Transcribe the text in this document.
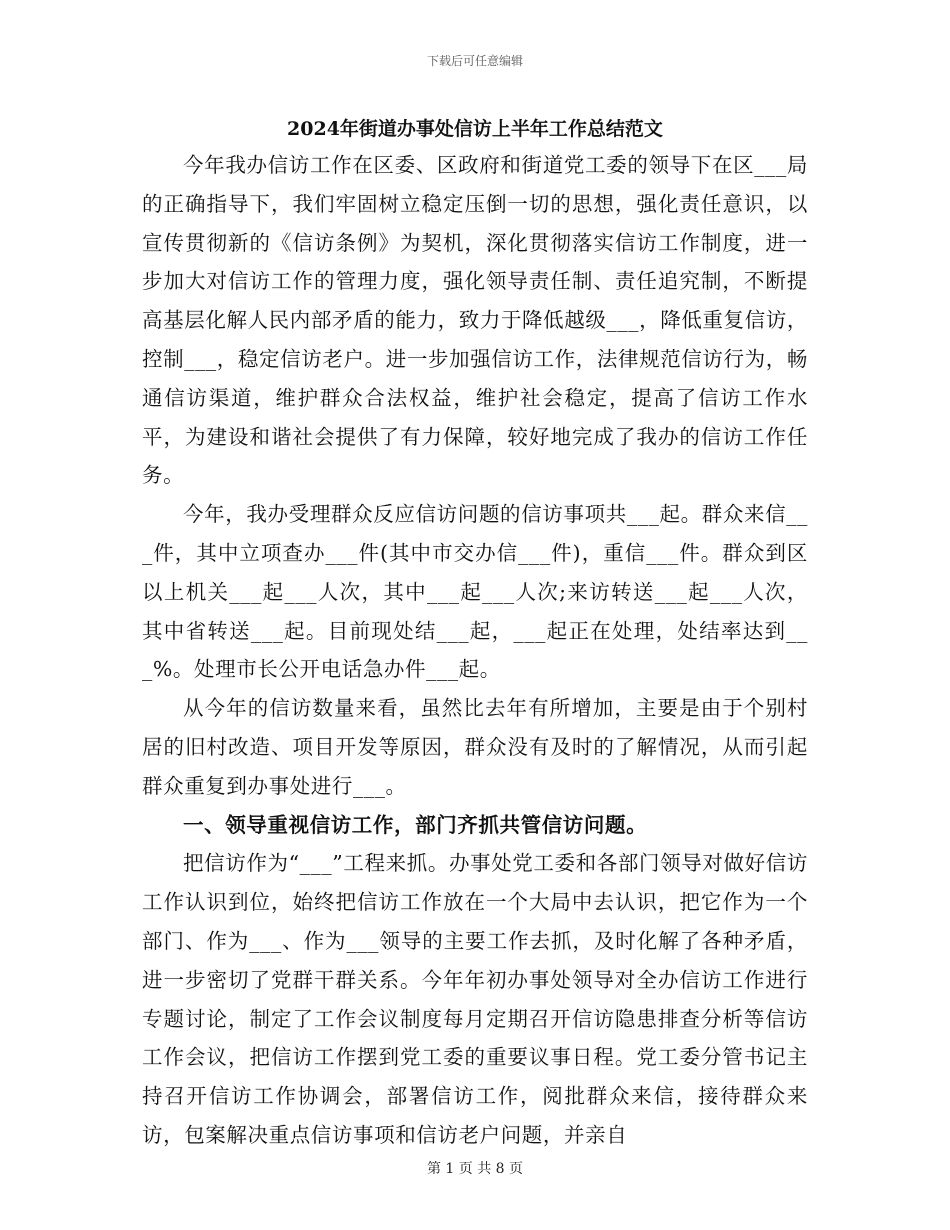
下载后可任意编辑
2024年街道办事处信访上半年工作总结范文

今年我办信访工作在区委、区政府和街道党工委的领导下在区___局的正确指导下，我们牢固树立稳定压倒一切的思想，强化责任意识，以宣传贯彻新的《信访条例》为契机，深化贯彻落实信访工作制度，进一步加大对信访工作的管理力度，强化领导责任制、责任追究制，不断提高基层化解人民内部矛盾的能力，致力于降低越级___，降低重复信访，控制___，稳定信访老户。进一步加强信访工作，法律规范信访行为，畅通信访渠道，维护群众合法权益，维护社会稳定，提高了信访工作水平，为建设和谐社会提供了有力保障，较好地完成了我办的信访工作任务。

今年，我办受理群众反应信访问题的信访事项共___起。群众来信___件，其中立项查办___件(其中市交办信___件)，重信___件。群众到区以上机关___起___人次，其中___起___人次;来访转送___起___人次，其中省转送___起。目前现处结___起，___起正在处理，处结率达到___%。处理市长公开电话急办件___起。

从今年的信访数量来看，虽然比去年有所增加，主要是由于个别村居的旧村改造、项目开发等原因，群众没有及时的了解情况，从而引起群众重复到办事处进行___。

一、领导重视信访工作，部门齐抓共管信访问题。

把信访作为“___”工程来抓。办事处党工委和各部门领导对做好信访工作认识到位，始终把信访工作放在一个大局中去认识，把它作为一个部门、作为___、作为___领导的主要工作去抓，及时化解了各种矛盾，进一步密切了党群干群关系。今年年初办事处领导对全办信访工作进行专题讨论，制定了工作会议制度每月定期召开信访隐患排查分析等信访工作会议，把信访工作摆到党工委的重要议事日程。党工委分管书记主持召开信访工作协调会，部署信访工作，阅批群众来信，接待群众来访，包案解决重点信访事项和信访老户问题，并亲自

第 1 页 共 8 页
